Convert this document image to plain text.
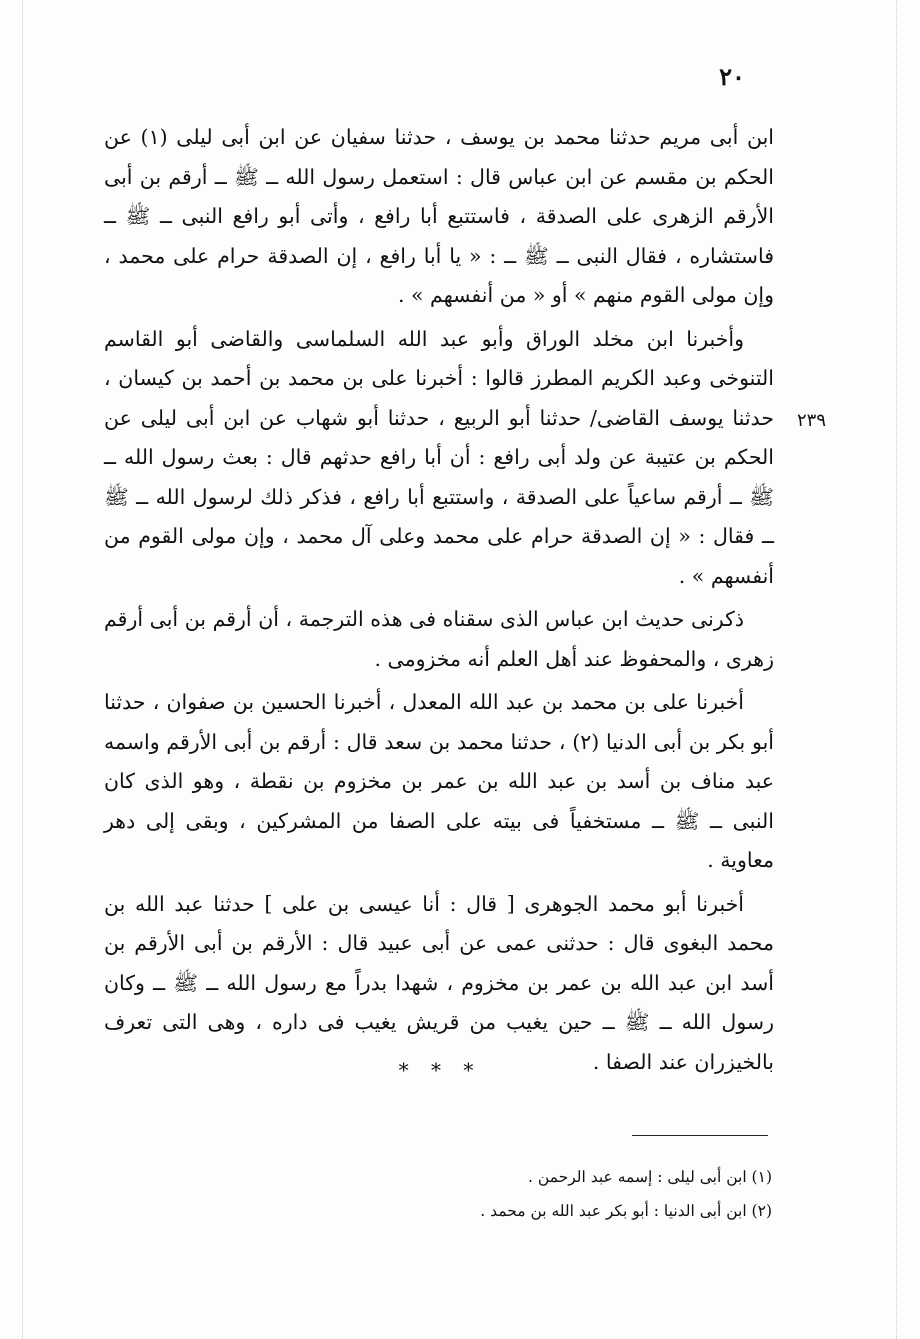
٢٠
٢٣٩

ابن أبى مريم حدثنا محمد بن يوسف ، حدثنا سفيان عن ابن أبى ليلى (١) عن الحكم بن مقسم عن ابن عباس قال : استعمل رسول الله ــ ﷺ ــ أرقم بن أبى الأرقم الزهرى على الصدقة ، فاستتبع أبا رافع ، وأتى أبو رافع النبى ــ ﷺ ــ فاستشاره ، فقال النبى ــ ﷺ ــ : « يا أبا رافع ، إن الصدقة حرام على محمد ، وإن مولى القوم منهم » أو « من أنفسهم » .

وأخبرنا ابن مخلد الوراق وأبو عبد الله السلماسى والقاضى أبو القاسم التنوخى وعبد الكريم المطرز قالوا : أخبرنا على بن محمد بن أحمد بن كيسان ، حدثنا يوسف القاضى/ حدثنا أبو الربيع ، حدثنا أبو شهاب عن ابن أبى ليلى عن الحكم بن عتيبة عن ولد أبى رافع : أن أبا رافع حدثهم قال : بعث رسول الله ــ ﷺ ــ أرقم ساعياً على الصدقة ، واستتبع أبا رافع ، فذكر ذلك لرسول الله ــ ﷺ ــ فقال : « إن الصدقة حرام على محمد وعلى آل محمد ، وإن مولى القوم من أنفسهم » .

ذكرنى حديث ابن عباس الذى سقناه فى هذه الترجمة ، أن أرقم بن أبى أرقم زهرى ، والمحفوظ عند أهل العلم أنه مخزومى .

أخبرنا على بن محمد بن عبد الله المعدل ، أخبرنا الحسين بن صفوان ، حدثنا أبو بكر بن أبى الدنيا (٢) ، حدثنا محمد بن سعد قال : أرقم بن أبى الأرقم واسمه عبد مناف بن أسد بن عبد الله بن عمر بن مخزوم بن نقطة ، وهو الذى كان النبى ــ ﷺ ــ مستخفياً فى بيته على الصفا من المشركين ، وبقى إلى دهر معاوية .

أخبرنا أبو محمد الجوهرى [ قال : أنا عيسى بن على ] حدثنا عبد الله بن محمد البغوى قال : حدثنى عمى عن أبى عبيد قال : الأرقم بن أبى الأرقم بن أسد ابن عبد الله بن عمر بن مخزوم ، شهدا بدراً مع رسول الله ــ ﷺ ــ وكان رسول الله ــ ﷺ ــ حين يغيب من قريش يغيب فى داره ، وهى التى تعرف بالخيزران عند الصفا .

* * *

(١) ابن أبى ليلى : إسمه عبد الرحمن .

(٢) ابن أبى الدنيا : أبو بكر عبد الله بن محمد .
